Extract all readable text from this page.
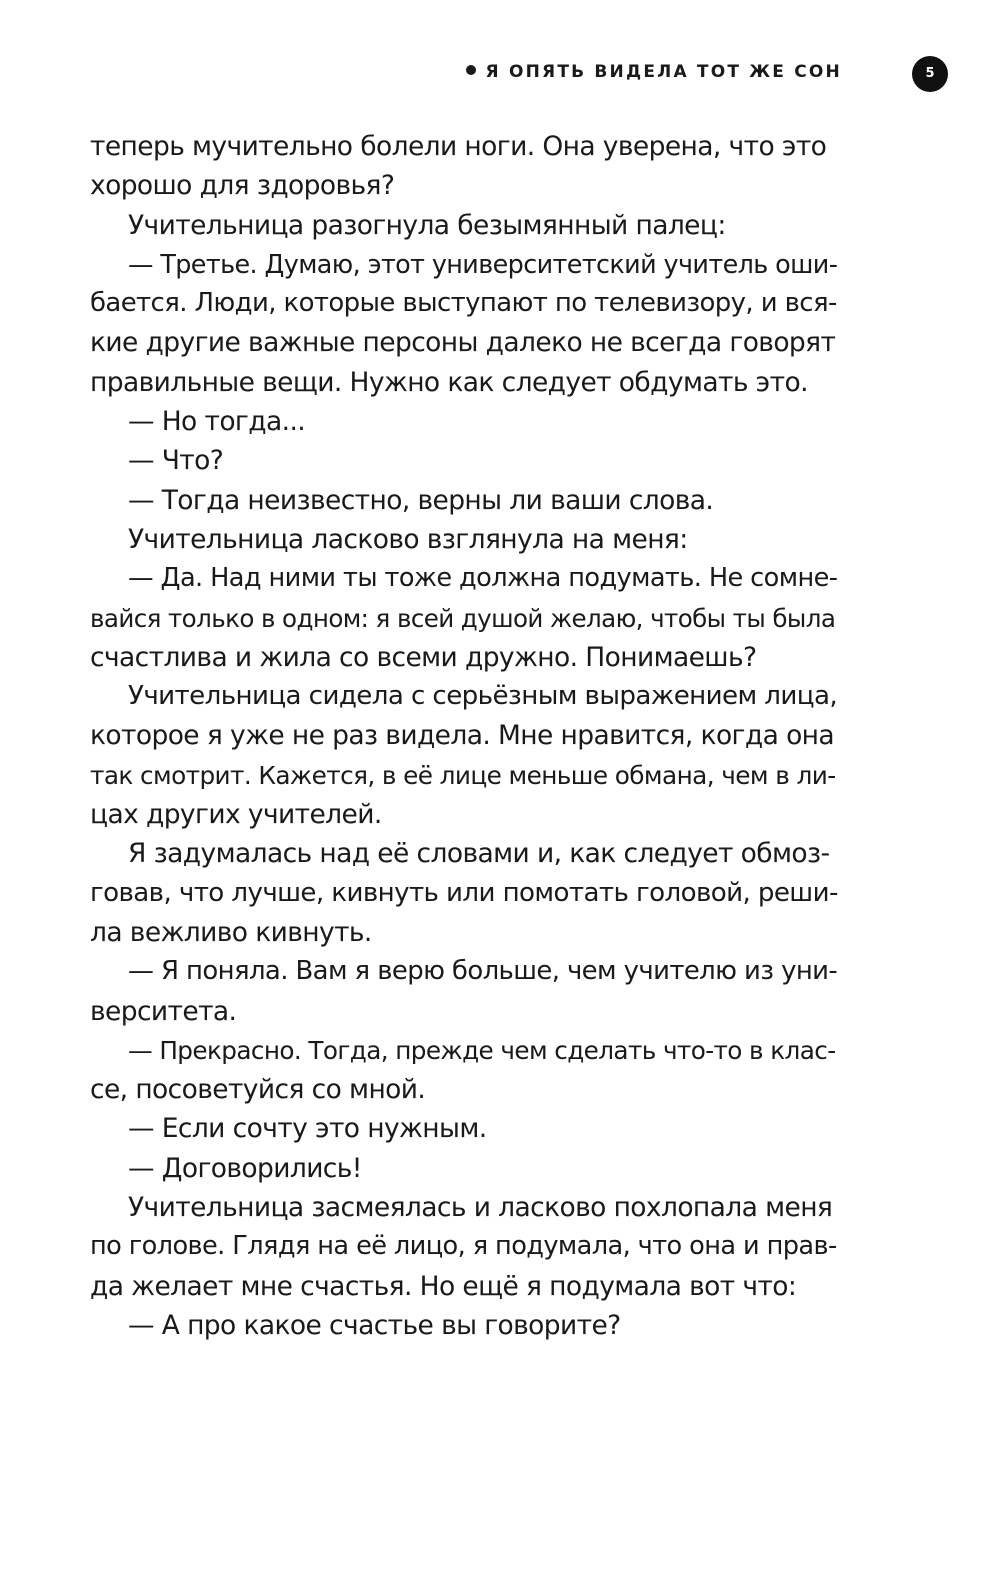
Я ОПЯТЬ ВИДЕЛА ТОТ ЖЕ СОН	5

теперь мучительно болели ноги. Она уверена, что это

хорошо для здоровья?

Учительница разогнула безымянный палец:

— Третье. Думаю, этот университетский учитель оши-

бается. Люди, которые выступают по телевизору, и вся-

кие другие важные персоны далеко не всегда говорят

правильные вещи. Нужно как следует обдумать это.

— Но тогда...

— Что?

— Тогда неизвестно, верны ли ваши слова.

Учительница ласково взглянула на меня:

— Да. Над ними ты тоже должна подумать. Не сомне-

вайся только в одном: я всей душой желаю, чтобы ты была

счастлива и жила со всеми дружно. Понимаешь?

Учительница сидела с серьёзным выражением лица,

которое я уже не раз видела. Мне нравится, когда она

так смотрит. Кажется, в её лице меньше обмана, чем в ли-

цах других учителей.

Я задумалась над её словами и, как следует обмоз-

говав, что лучше, кивнуть или помотать головой, реши-

ла вежливо кивнуть.

— Я поняла. Вам я верю больше, чем учителю из уни-

верситета.

— Прекрасно. Тогда, прежде чем сделать что-то в клас-

се, посоветуйся со мной.

— Если сочту это нужным.

— Договорились!

Учительница засмеялась и ласково похлопала меня

по голове. Глядя на её лицо, я подумала, что она и прав-

да желает мне счастья. Но ещё я подумала вот что:

— А про какое счастье вы говорите?
